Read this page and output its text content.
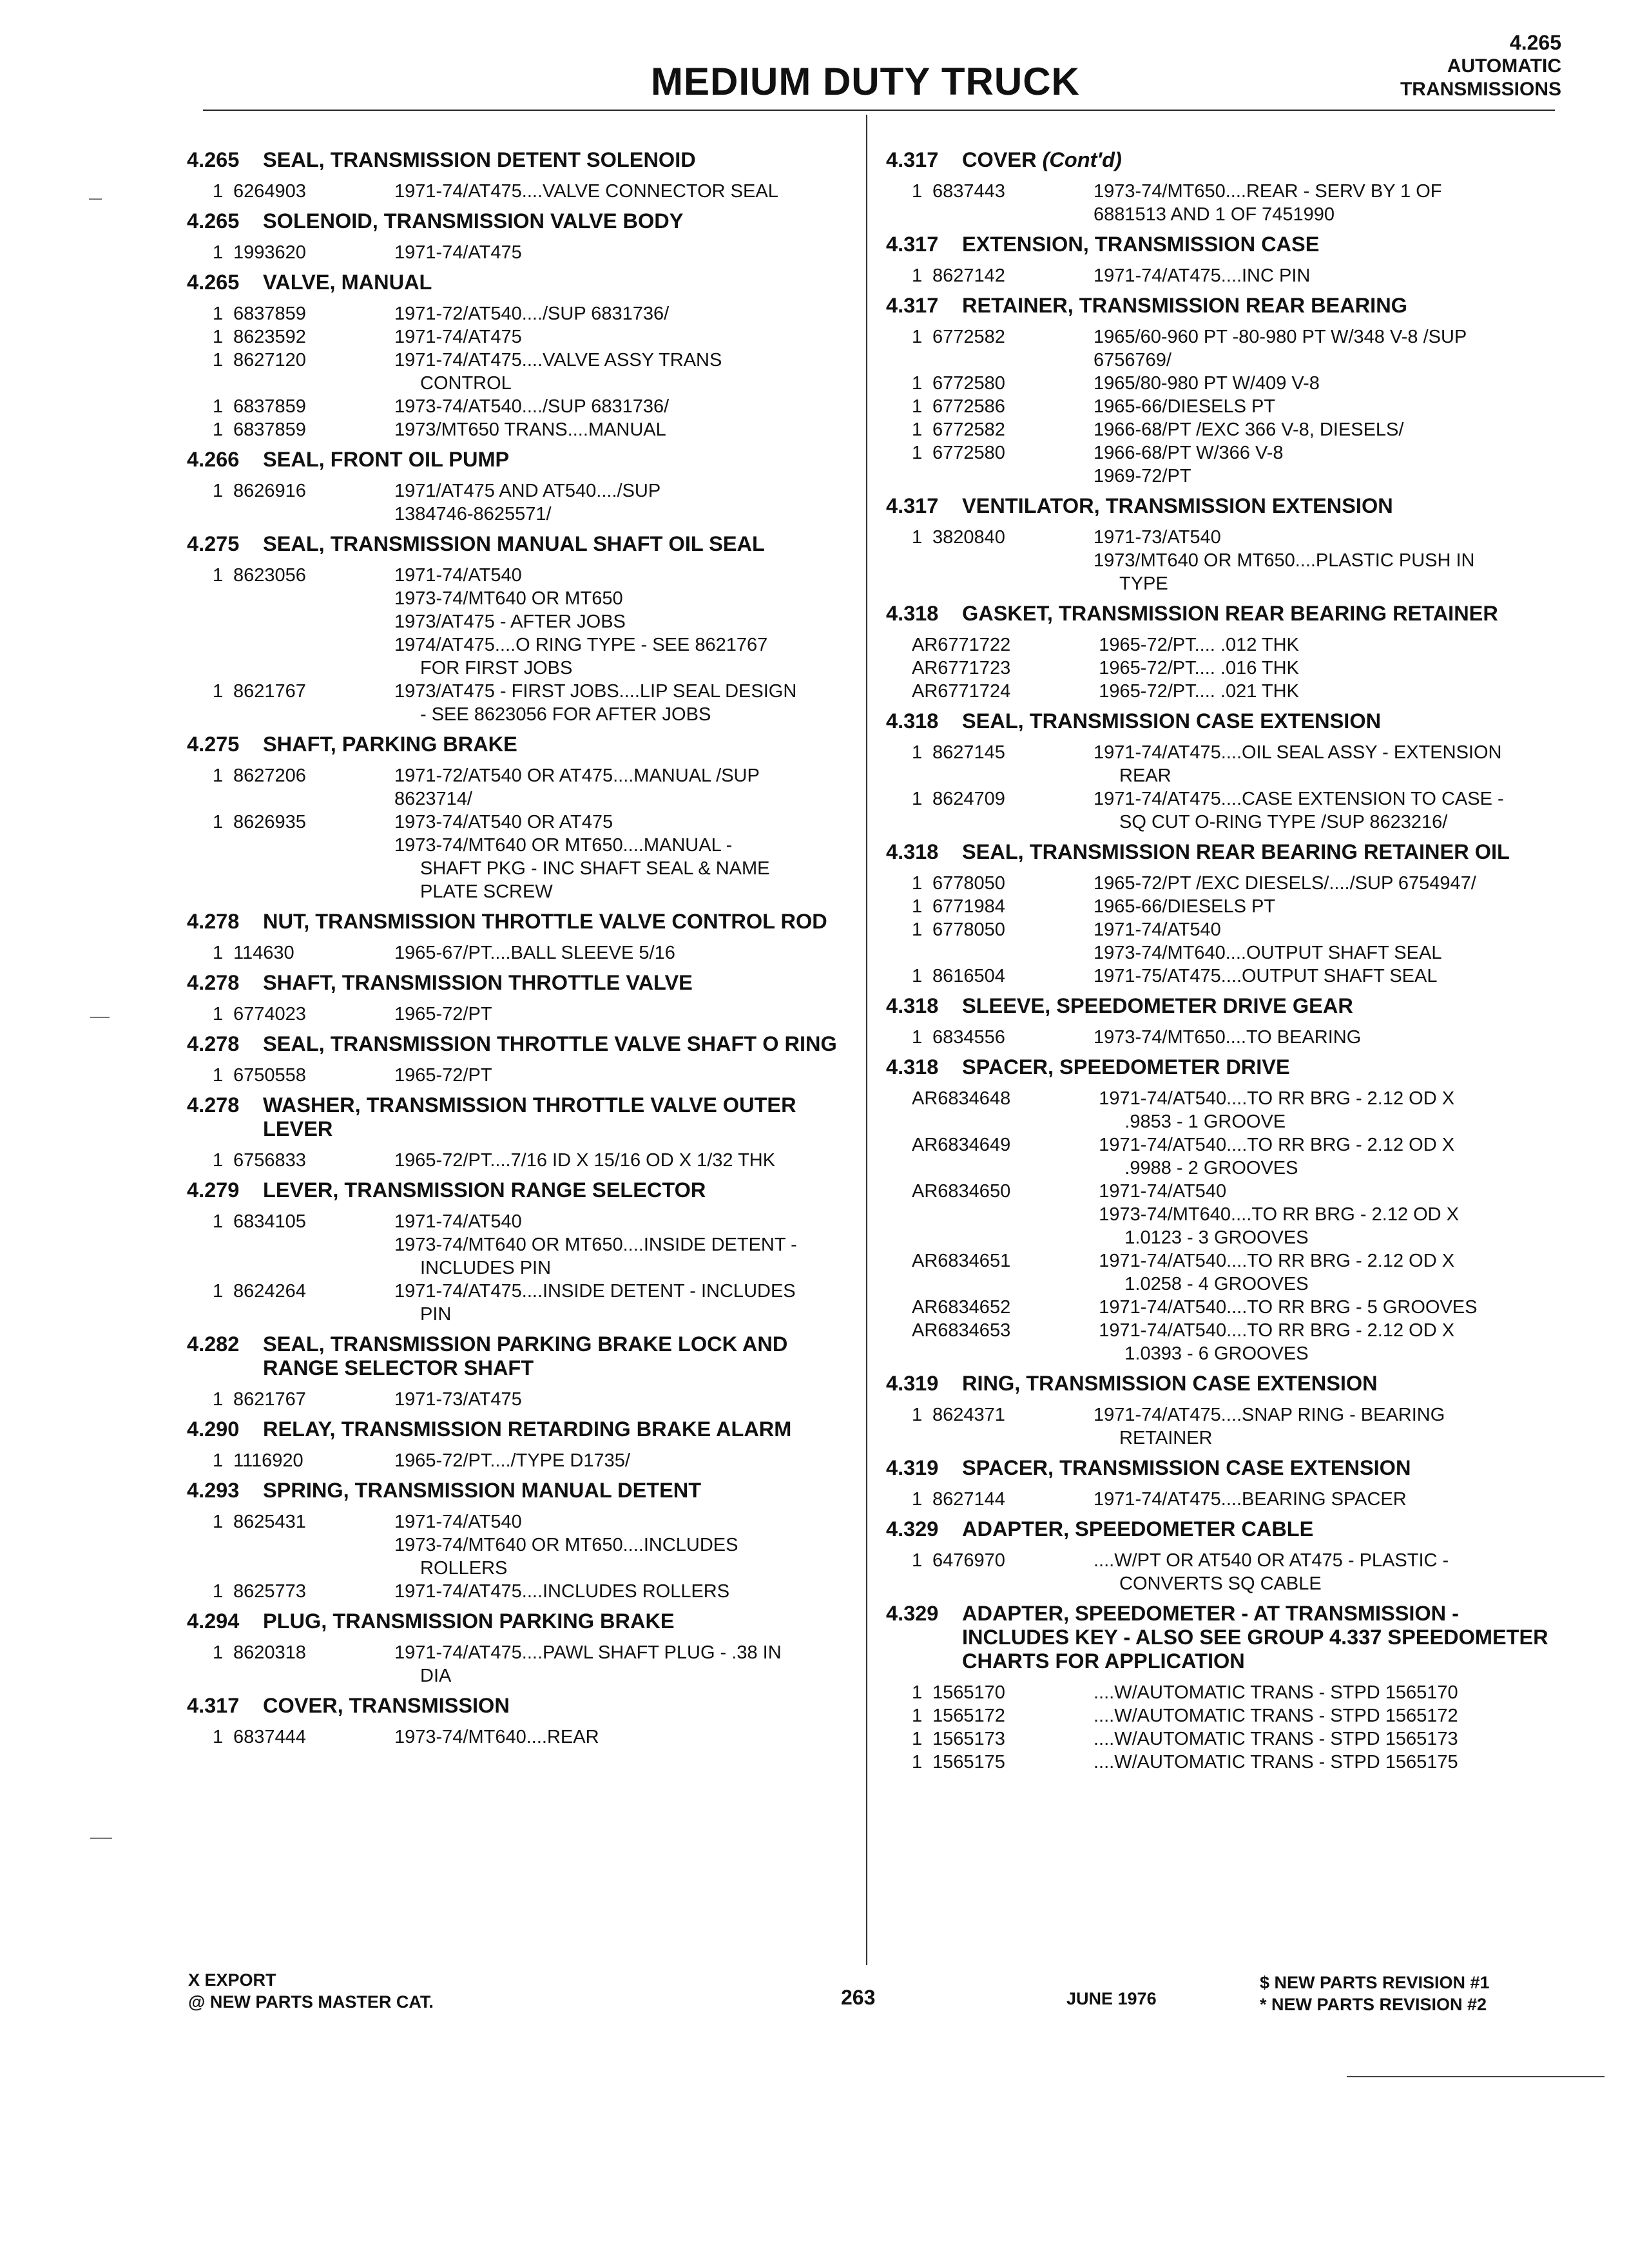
MEDIUM DUTY TRUCK
4.265
AUTOMATIC
TRANSMISSIONS
4.265	SEAL, TRANSMISSION DETENT SOLENOID
1 6264903	1971-74/AT475....VALVE CONNECTOR SEAL
4.265	SOLENOID, TRANSMISSION VALVE BODY
1 1993620	1971-74/AT475
4.265	VALVE, MANUAL
1 6837859	1971-72/AT540..../SUP 6831736/
1 8623592	1971-74/AT475
1 8627120	1971-74/AT475....VALVE ASSY TRANS
CONTROL
1 6837859	1973-74/AT540..../SUP 6831736/
1 6837859	1973/MT650 TRANS....MANUAL
4.266	SEAL, FRONT OIL PUMP
1 8626916	1971/AT475 AND AT540..../SUP
1384746-8625571/
4.275	SEAL, TRANSMISSION MANUAL SHAFT OIL SEAL
1 8623056	1971-74/AT540
1973-74/MT640 OR MT650
1973/AT475 - AFTER JOBS
1974/AT475....O RING TYPE - SEE 8621767
FOR FIRST JOBS
1 8621767	1973/AT475 - FIRST JOBS....LIP SEAL DESIGN
- SEE 8623056 FOR AFTER JOBS
4.275	SHAFT, PARKING BRAKE
1 8627206	1971-72/AT540 OR AT475....MANUAL /SUP
8623714/
1 8626935	1973-74/AT540 OR AT475
1973-74/MT640 OR MT650....MANUAL -
SHAFT PKG - INC SHAFT SEAL & NAME
PLATE SCREW
4.278	NUT, TRANSMISSION THROTTLE VALVE CONTROL ROD
1 114630	1965-67/PT....BALL SLEEVE 5/16
4.278	SHAFT, TRANSMISSION THROTTLE VALVE
1 6774023	1965-72/PT
4.278	SEAL, TRANSMISSION THROTTLE VALVE SHAFT O RING
1 6750558	1965-72/PT
4.278	WASHER, TRANSMISSION THROTTLE VALVE OUTER LEVER
1 6756833	1965-72/PT....7/16 ID X 15/16 OD X 1/32 THK
4.279	LEVER, TRANSMISSION RANGE SELECTOR
1 6834105	1971-74/AT540
1973-74/MT640 OR MT650....INSIDE DETENT -
INCLUDES PIN
1 8624264	1971-74/AT475....INSIDE DETENT - INCLUDES
PIN
4.282	SEAL, TRANSMISSION PARKING BRAKE LOCK AND RANGE SELECTOR SHAFT
1 8621767	1971-73/AT475
4.290	RELAY, TRANSMISSION RETARDING BRAKE ALARM
1 1116920	1965-72/PT..../TYPE D1735/
4.293	SPRING, TRANSMISSION MANUAL DETENT
1 8625431	1971-74/AT540
1973-74/MT640 OR MT650....INCLUDES
ROLLERS
1 8625773	1971-74/AT475....INCLUDES ROLLERS
4.294	PLUG, TRANSMISSION PARKING BRAKE
1 8620318	1971-74/AT475....PAWL SHAFT PLUG - .38 IN
DIA
4.317	COVER, TRANSMISSION
1 6837444	1973-74/MT640....REAR
4.317	COVER (Cont'd)
1 6837443	1973-74/MT650....REAR - SERV BY 1 OF
6881513 AND 1 OF 7451990
4.317	EXTENSION, TRANSMISSION CASE
1 8627142	1971-74/AT475....INC PIN
4.317	RETAINER, TRANSMISSION REAR BEARING
1 6772582	1965/60-960 PT -80-980 PT W/348 V-8 /SUP
6756769/
1 6772580	1965/80-980 PT W/409 V-8
1 6772586	1965-66/DIESELS PT
1 6772582	1966-68/PT /EXC 366 V-8, DIESELS/
1 6772580	1966-68/PT W/366 V-8
1969-72/PT
4.317	VENTILATOR, TRANSMISSION EXTENSION
1 3820840	1971-73/AT540
1973/MT640 OR MT650....PLASTIC PUSH IN
TYPE
4.318	GASKET, TRANSMISSION REAR BEARING RETAINER
AR 6771722	1965-72/PT.... .012 THK
AR 6771723	1965-72/PT.... .016 THK
AR 6771724	1965-72/PT.... .021 THK
4.318	SEAL, TRANSMISSION CASE EXTENSION
1 8627145	1971-74/AT475....OIL SEAL ASSY - EXTENSION
REAR
1 8624709	1971-74/AT475....CASE EXTENSION TO CASE -
SQ CUT O-RING TYPE /SUP 8623216/
4.318	SEAL, TRANSMISSION REAR BEARING RETAINER OIL
1 6778050	1965-72/PT /EXC DIESELS/..../SUP 6754947/
1 6771984	1965-66/DIESELS PT
1 6778050	1971-74/AT540
1973-74/MT640....OUTPUT SHAFT SEAL
1 8616504	1971-75/AT475....OUTPUT SHAFT SEAL
4.318	SLEEVE, SPEEDOMETER DRIVE GEAR
1 6834556	1973-74/MT650....TO BEARING
4.318	SPACER, SPEEDOMETER DRIVE
AR 6834648	1971-74/AT540....TO RR BRG - 2.12 OD X
.9853 - 1 GROOVE
AR 6834649	1971-74/AT540....TO RR BRG - 2.12 OD X
.9988 - 2 GROOVES
AR 6834650	1971-74/AT540
1973-74/MT640....TO RR BRG - 2.12 OD X
1.0123 - 3 GROOVES
AR 6834651	1971-74/AT540....TO RR BRG - 2.12 OD X
1.0258 - 4 GROOVES
AR 6834652	1971-74/AT540....TO RR BRG - 5 GROOVES
AR 6834653	1971-74/AT540....TO RR BRG - 2.12 OD X
1.0393 - 6 GROOVES
4.319	RING, TRANSMISSION CASE EXTENSION
1 8624371	1971-74/AT475....SNAP RING - BEARING
RETAINER
4.319	SPACER, TRANSMISSION CASE EXTENSION
1 8627144	1971-74/AT475....BEARING SPACER
4.329	ADAPTER, SPEEDOMETER CABLE
1 6476970	....W/PT OR AT540 OR AT475 - PLASTIC -
CONVERTS SQ CABLE
4.329	ADAPTER, SPEEDOMETER - AT TRANSMISSION - INCLUDES KEY - ALSO SEE GROUP 4.337 SPEEDOMETER CHARTS FOR APPLICATION
1 1565170	....W/AUTOMATIC TRANS - STPD 1565170
1 1565172	....W/AUTOMATIC TRANS - STPD 1565172
1 1565173	....W/AUTOMATIC TRANS - STPD 1565173
1 1565175	....W/AUTOMATIC TRANS - STPD 1565175
X EXPORT
@ NEW PARTS MASTER CAT.	263	JUNE 1976
$ NEW PARTS REVISION #1
* NEW PARTS REVISION #2
